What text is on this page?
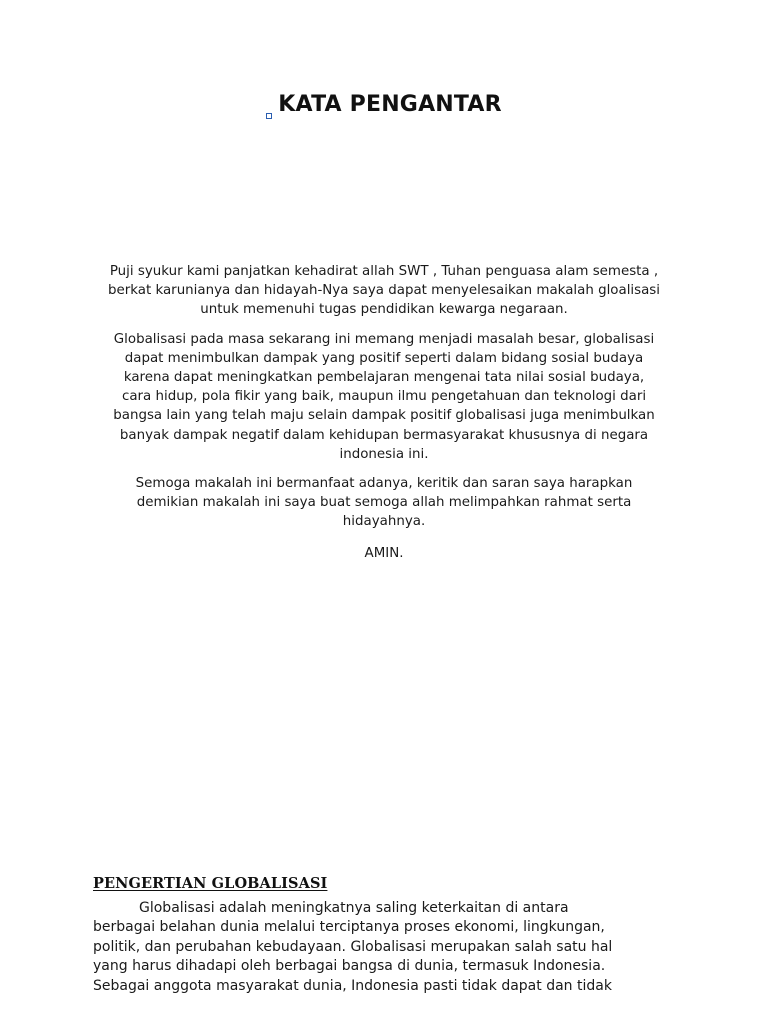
KATA PENGANTAR

Puji syukur kami panjatkan kehadirat allah SWT , Tuhan penguasa alam semesta ,
berkat karunianya dan hidayah-Nya saya dapat menyelesaikan makalah gloalisasi
untuk memenuhi tugas pendidikan kewarga negaraan.

Globalisasi pada masa sekarang ini memang menjadi masalah besar, globalisasi
dapat menimbulkan dampak yang positif seperti dalam bidang sosial budaya
karena dapat meningkatkan pembelajaran mengenai tata nilai sosial budaya,
cara hidup, pola fikir yang baik, maupun ilmu pengetahuan dan teknologi dari
bangsa lain yang telah maju selain dampak positif globalisasi juga menimbulkan
banyak dampak negatif dalam kehidupan bermasyarakat khususnya di negara
indonesia ini.

Semoga makalah ini bermanfaat adanya, keritik dan saran saya harapkan
demikian makalah ini saya buat semoga allah melimpahkan rahmat serta
hidayahnya.

AMIN.

PENGERTIAN GLOBALISASI
Globalisasi adalah meningkatnya saling keterkaitan di antara
berbagai belahan dunia melalui terciptanya proses ekonomi, lingkungan,
politik, dan perubahan kebudayaan. Globalisasi merupakan salah satu hal
yang harus dihadapi oleh berbagai bangsa di dunia, termasuk Indonesia.
Sebagai anggota masyarakat dunia, Indonesia pasti tidak dapat dan tidak
